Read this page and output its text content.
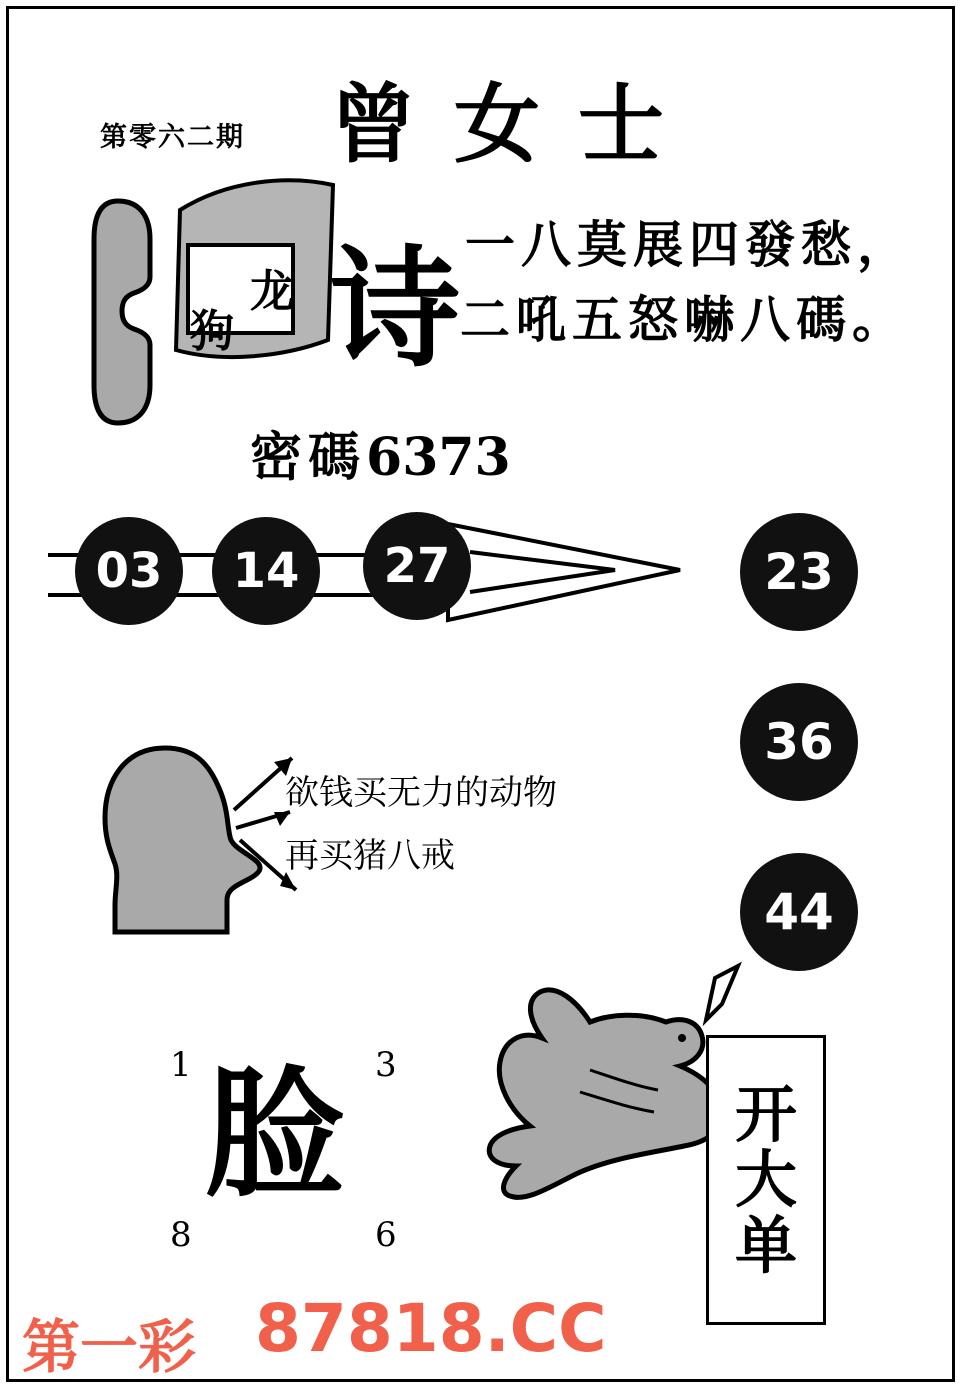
第零六二期 曾女士
龙
狗 诗 一八莫展四發愁，
二吼五怒嚇八碼。
密碼6373
03	14	27	23
36
44
欲钱买无力的动物
再买猪八戒
1	3
8	6
脸	开
大
单
第一彩 87818.CC
